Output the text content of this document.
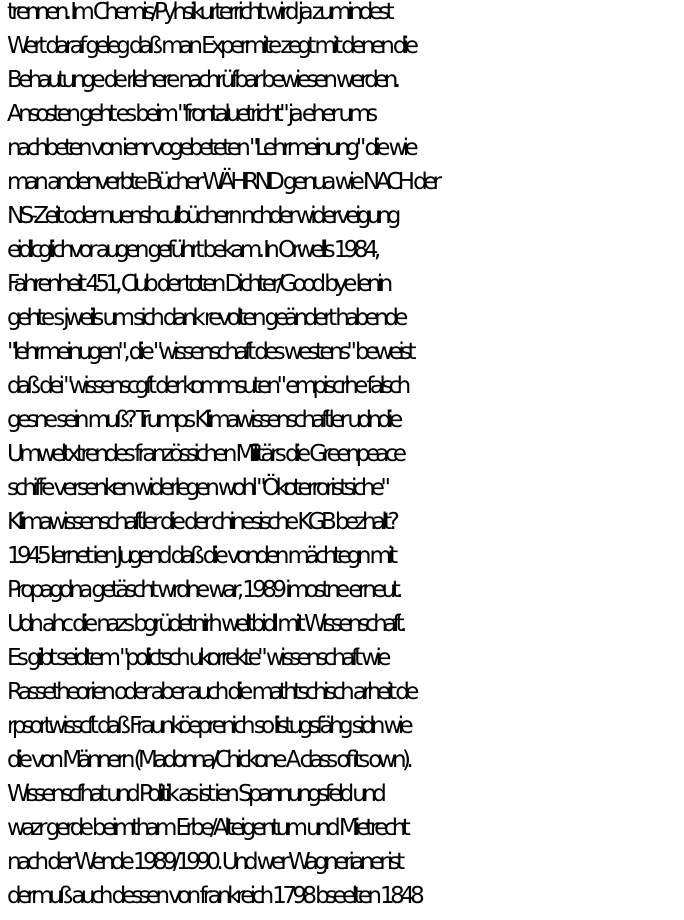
trennen. Im Chemis/Pyhsikurterricht wird ja zumindest
Wert daraf geleg daß man Expermite zegt mit denen die
Behautunge de rlehere nachrüfbar bewiesen werden.
Ansosten geht es beim "frontaluetricht" ja eher ums
nachbeten von ienr vogebeteten "Lehrmeinung" die wie
man andenverbte Bücher WÄHRND genua wie NACH der
NS-Zeit oder nuenshculbüchern nchder widerveigung
eidlcglichvor augen geführt bekam. In Orwells 1984,
Fahrenheit 451, Club der toten Dichter/Good bye lenin
gehte s jweils um sich dank revolten geändert habende
"lehrmeinugen", die "wissenschaft des westens" beweist
daß dei "wissenscgft der kommsuten" empiscrhe falsch
gesne sein muß? Trumps Klimawissenschaftler udndie
Umweltxtrendes französsichen Militärs die Greenpeace
schiffe versenken widerlegen wohl "Ökoterroristsiche"
Klimawissenschaftler die der chinesische KGB bezhalt?
1945 lernet ien Jugend daß die vonden mächtegn mit
Propagdna getäscht wrdne war, 1989 imostne erneut.
Udn ahc die nazs bgrüdetnirh weltbidl mit Wissenschaft.
Es gibt seidtem "polictsch ukorrekte" wissenschaft wie
Rassetheorien oder aber auch die mathtschisch arheit de
rpsortwisscft daß Fraunköeprenich so listugsfähg sidn wie
die von Männern (Madonna/Chickone A class of its own).
Wissenscfhat und Politik as ist ien Spannungsfeld und
wazr gerde beimtham Erbe/Alteigentum und Mietrecht
nach der Wende 1989/1990. Und wer Wagnerianer ist
dermuß auch dessen von frankreich 1798 bseelten 1848
